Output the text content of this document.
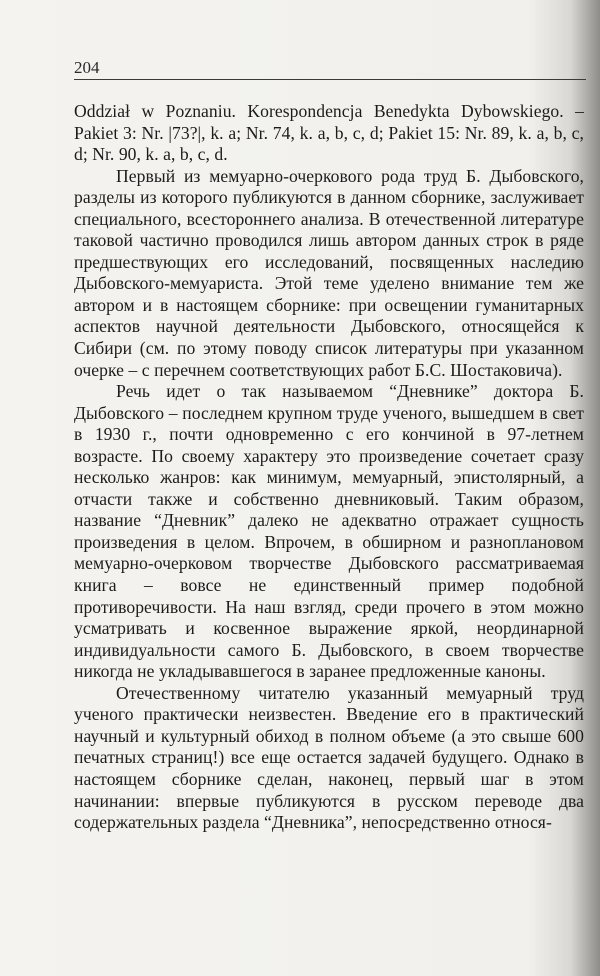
204

Oddział w Poznaniu. Korespondencja Benedykta Dybowskiego. – Pakiet 3: Nr. |73?|, k. a; Nr. 74, k. a, b, c, d; Pakiet 15: Nr. 89, k. a, b, c, d; Nr. 90, k. a, b, c, d.

Первый из мемуарно-очеркового рода труд Б. Дыбовского, разделы из которого публикуются в данном сборнике, заслуживает специального, всестороннего анализа. В отечественной литературе таковой частично проводился лишь автором данных строк в ряде предшествующих его исследований, посвященных наследию Дыбовского-мемуариста. Этой теме уделено внимание тем же автором и в настоящем сборнике: при освещении гуманитарных аспектов научной деятельности Дыбовского, относящейся к Сибири (см. по этому поводу список литературы при указанном очерке – с перечнем соответствующих работ Б.С. Шостаковича).

Речь идет о так называемом “Дневнике” доктора Б. Дыбовского – последнем крупном труде ученого, вышедшем в свет в 1930 г., почти одновременно с его кончиной в 97-летнем возрасте. По своему характеру это произведение сочетает сразу несколько жанров: как минимум, мемуарный, эпистолярный, а отчасти также и собственно дневниковый. Таким образом, название “Дневник” далеко не адекватно отражает сущность произведения в целом. Впрочем, в обширном и разноплановом мемуарно-очерковом творчестве Дыбовского рассматриваемая книга – вовсе не единственный пример подобной противоречивости. На наш взгляд, среди прочего в этом можно усматривать и косвенное выражение яркой, неординарной индивидуальности самого Б. Дыбовского, в своем творчестве никогда не укладывавшегося в заранее предложенные каноны.

Отечественному читателю указанный мемуарный труд ученого практически неизвестен. Введение его в практический научный и культурный обиход в полном объеме (а это свыше 600 печатных страниц!) все еще остается задачей будущего. Однако в настоящем сборнике сделан, наконец, первый шаг в этом начинании: впервые публикуются в русском переводе два содержательных раздела “Дневника”, непосредственно относя-
